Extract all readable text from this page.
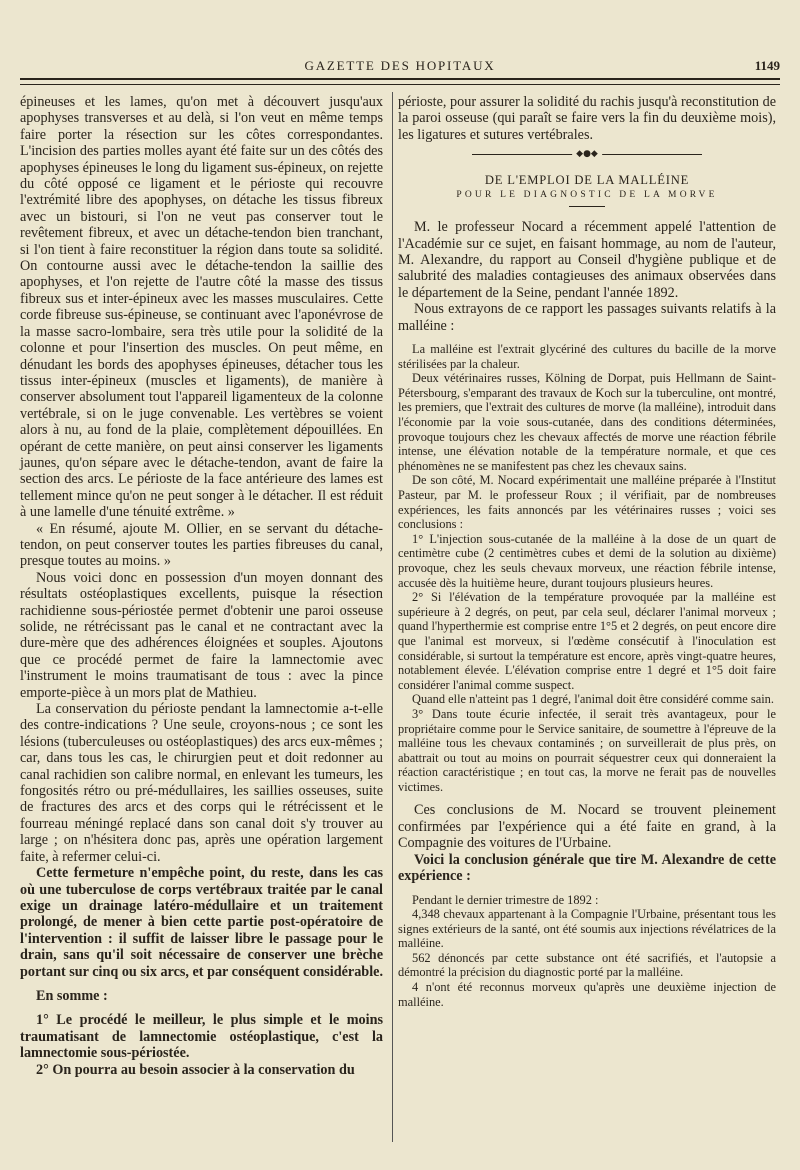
GAZETTE DES HOPITAUX	1149

épineuses et les lames, qu'on met à découvert jusqu'aux apophyses transverses et au delà, si l'on veut en même temps faire porter la résection sur les côtes correspondantes. L'incision des parties molles ayant été faite sur un des côtés des apophyses épineuses le long du ligament sus-épineux, on rejette du côté opposé ce ligament et le périoste qui recouvre l'extrémité libre des apophyses, on détache les tissus fibreux avec un bistouri, si l'on ne veut pas conserver tout le revêtement fibreux, et avec un détache-tendon bien tranchant, si l'on tient à faire reconstituer la région dans toute sa solidité. On contourne aussi avec le détache-tendon la saillie des apophyses, et l'on rejette de l'autre côté la masse des tissus fibreux sus et inter-épineux avec les masses musculaires. Cette corde fibreuse sus-épineuse, se continuant avec l'aponévrose de la masse sacro-lombaire, sera très utile pour la solidité de la colonne et pour l'insertion des muscles. On peut même, en dénudant les bords des apophyses épineuses, détacher tous les tissus inter-épineux (muscles et ligaments), de manière à conserver absolument tout l'appareil ligamenteux de la colonne vertébrale, si on le juge convenable. Les vertèbres se voient alors à nu, au fond de la plaie, complètement dépouillées. En opérant de cette manière, on peut ainsi conserver les ligaments jaunes, qu'on sépare avec le détache-tendon, avant de faire la section des arcs. Le périoste de la face antérieure des lames est tellement mince qu'on ne peut songer à le détacher. Il est réduit à une lamelle d'une ténuité extrême. »

« En résumé, ajoute M. Ollier, en se servant du détache-tendon, on peut conserver toutes les parties fibreuses du canal, presque toutes au moins. »

Nous voici donc en possession d'un moyen donnant des résultats ostéoplastiques excellents, puisque la résection rachidienne sous-périostée permet d'obtenir une paroi osseuse solide, ne rétrécissant pas le canal et ne contractant avec la dure-mère que des adhérences éloignées et souples. Ajoutons que ce procédé permet de faire la lamnectomie avec l'instrument le moins traumatisant de tous : avec la pince emporte-pièce à un mors plat de Mathieu.

La conservation du périoste pendant la lamnectomie a-t-elle des contre-indications ? Une seule, croyons-nous ; ce sont les lésions (tuberculeuses ou ostéoplastiques) des arcs eux-mêmes ; car, dans tous les cas, le chirurgien peut et doit redonner au canal rachidien son calibre normal, en enlevant les tumeurs, les fongosités rétro ou pré-médullaires, les saillies osseuses, suite de fractures des arcs et des corps qui le rétrécissent et le fourreau méningé replacé dans son canal doit s'y trouver au large ; on n'hésitera donc pas, après une opération largement faite, à refermer celui-ci.

Cette fermeture n'empêche point, du reste, dans les cas où une tuberculose de corps vertébraux traitée par le canal exige un drainage latéro-médullaire et un traitement prolongé, de mener à bien cette partie post-opératoire de l'intervention : il suffit de laisser libre le passage pour le drain, sans qu'il soit nécessaire de conserver une brèche portant sur cinq ou six arcs, et par conséquent considérable.

En somme :

1° Le procédé le meilleur, le plus simple et le moins traumatisant de lamnectomie ostéoplastique, c'est la lamnectomie sous-périostée.

2° On pourra au besoin associer à la conservation du

périoste, pour assurer la solidité du rachis jusqu'à reconstitution de la paroi osseuse (qui paraît se faire vers la fin du deuxième mois), les ligatures et sutures vertébrales.

◆●◆
DE L'EMPLOI DE LA MALLÉINE
POUR LE DIAGNOSTIC DE LA MORVE

M. le professeur Nocard a récemment appelé l'attention de l'Académie sur ce sujet, en faisant hommage, au nom de l'auteur, M. Alexandre, du rapport au Conseil d'hygiène publique et de salubrité des maladies contagieuses des animaux observées dans le département de la Seine, pendant l'année 1892.

Nous extrayons de ce rapport les passages suivants relatifs à la malléine :

La malléine est l'extrait glycériné des cultures du bacille de la morve stérilisées par la chaleur.

Deux vétérinaires russes, Kölning de Dorpat, puis Hellmann de Saint-Pétersbourg, s'emparant des travaux de Koch sur la tuberculine, ont montré, les premiers, que l'extrait des cultures de morve (la malléine), introduit dans l'économie par la voie sous-cutanée, dans des conditions déterminées, provoque toujours chez les chevaux affectés de morve une réaction fébrile intense, une élévation notable de la température normale, et que ces phénomènes ne se manifestent pas chez les chevaux sains.

De son côté, M. Nocard expérimentait une malléine préparée à l'Institut Pasteur, par M. le professeur Roux ; il vérifiait, par de nombreuses expériences, les faits annoncés par les vétérinaires russes ; voici ses conclusions :

1° L'injection sous-cutanée de la malléine à la dose de un quart de centimètre cube (2 centimètres cubes et demi de la solution au dixième) provoque, chez les seuls chevaux morveux, une réaction fébrile intense, accusée dès la huitième heure, durant toujours plusieurs heures.

2° Si l'élévation de la température provoquée par la malléine est supérieure à 2 degrés, on peut, par cela seul, déclarer l'animal morveux ; quand l'hyperthermie est comprise entre 1°5 et 2 degrés, on peut encore dire que l'animal est morveux, si l'œdème consécutif à l'inoculation est considérable, si surtout la température est encore, après vingt-quatre heures, notablement élevée. L'élévation comprise entre 1 degré et 1°5 doit faire considérer l'animal comme suspect.

Quand elle n'atteint pas 1 degré, l'animal doit être considéré comme sain.

3° Dans toute écurie infectée, il serait très avantageux, pour le propriétaire comme pour le Service sanitaire, de soumettre à l'épreuve de la malléine tous les chevaux contaminés ; on surveillerait de plus près, on abattrait ou tout au moins on pourrait séquestrer ceux qui donneraient la réaction caractéristique ; en tout cas, la morve ne ferait pas de nouvelles victimes.

Ces conclusions de M. Nocard se trouvent pleinement confirmées par l'expérience qui a été faite en grand, à la Compagnie des voitures de l'Urbaine.

Voici la conclusion générale que tire M. Alexandre de cette expérience :

Pendant le dernier trimestre de 1892 :

4,348 chevaux appartenant à la Compagnie l'Urbaine, présentant tous les signes extérieurs de la santé, ont été soumis aux injections révélatrices de la malléine.

562 dénoncés par cette substance ont été sacrifiés, et l'autopsie a démontré la précision du diagnostic porté par la malléine.

4 n'ont été reconnus morveux qu'après une deuxième injection de malléine.
